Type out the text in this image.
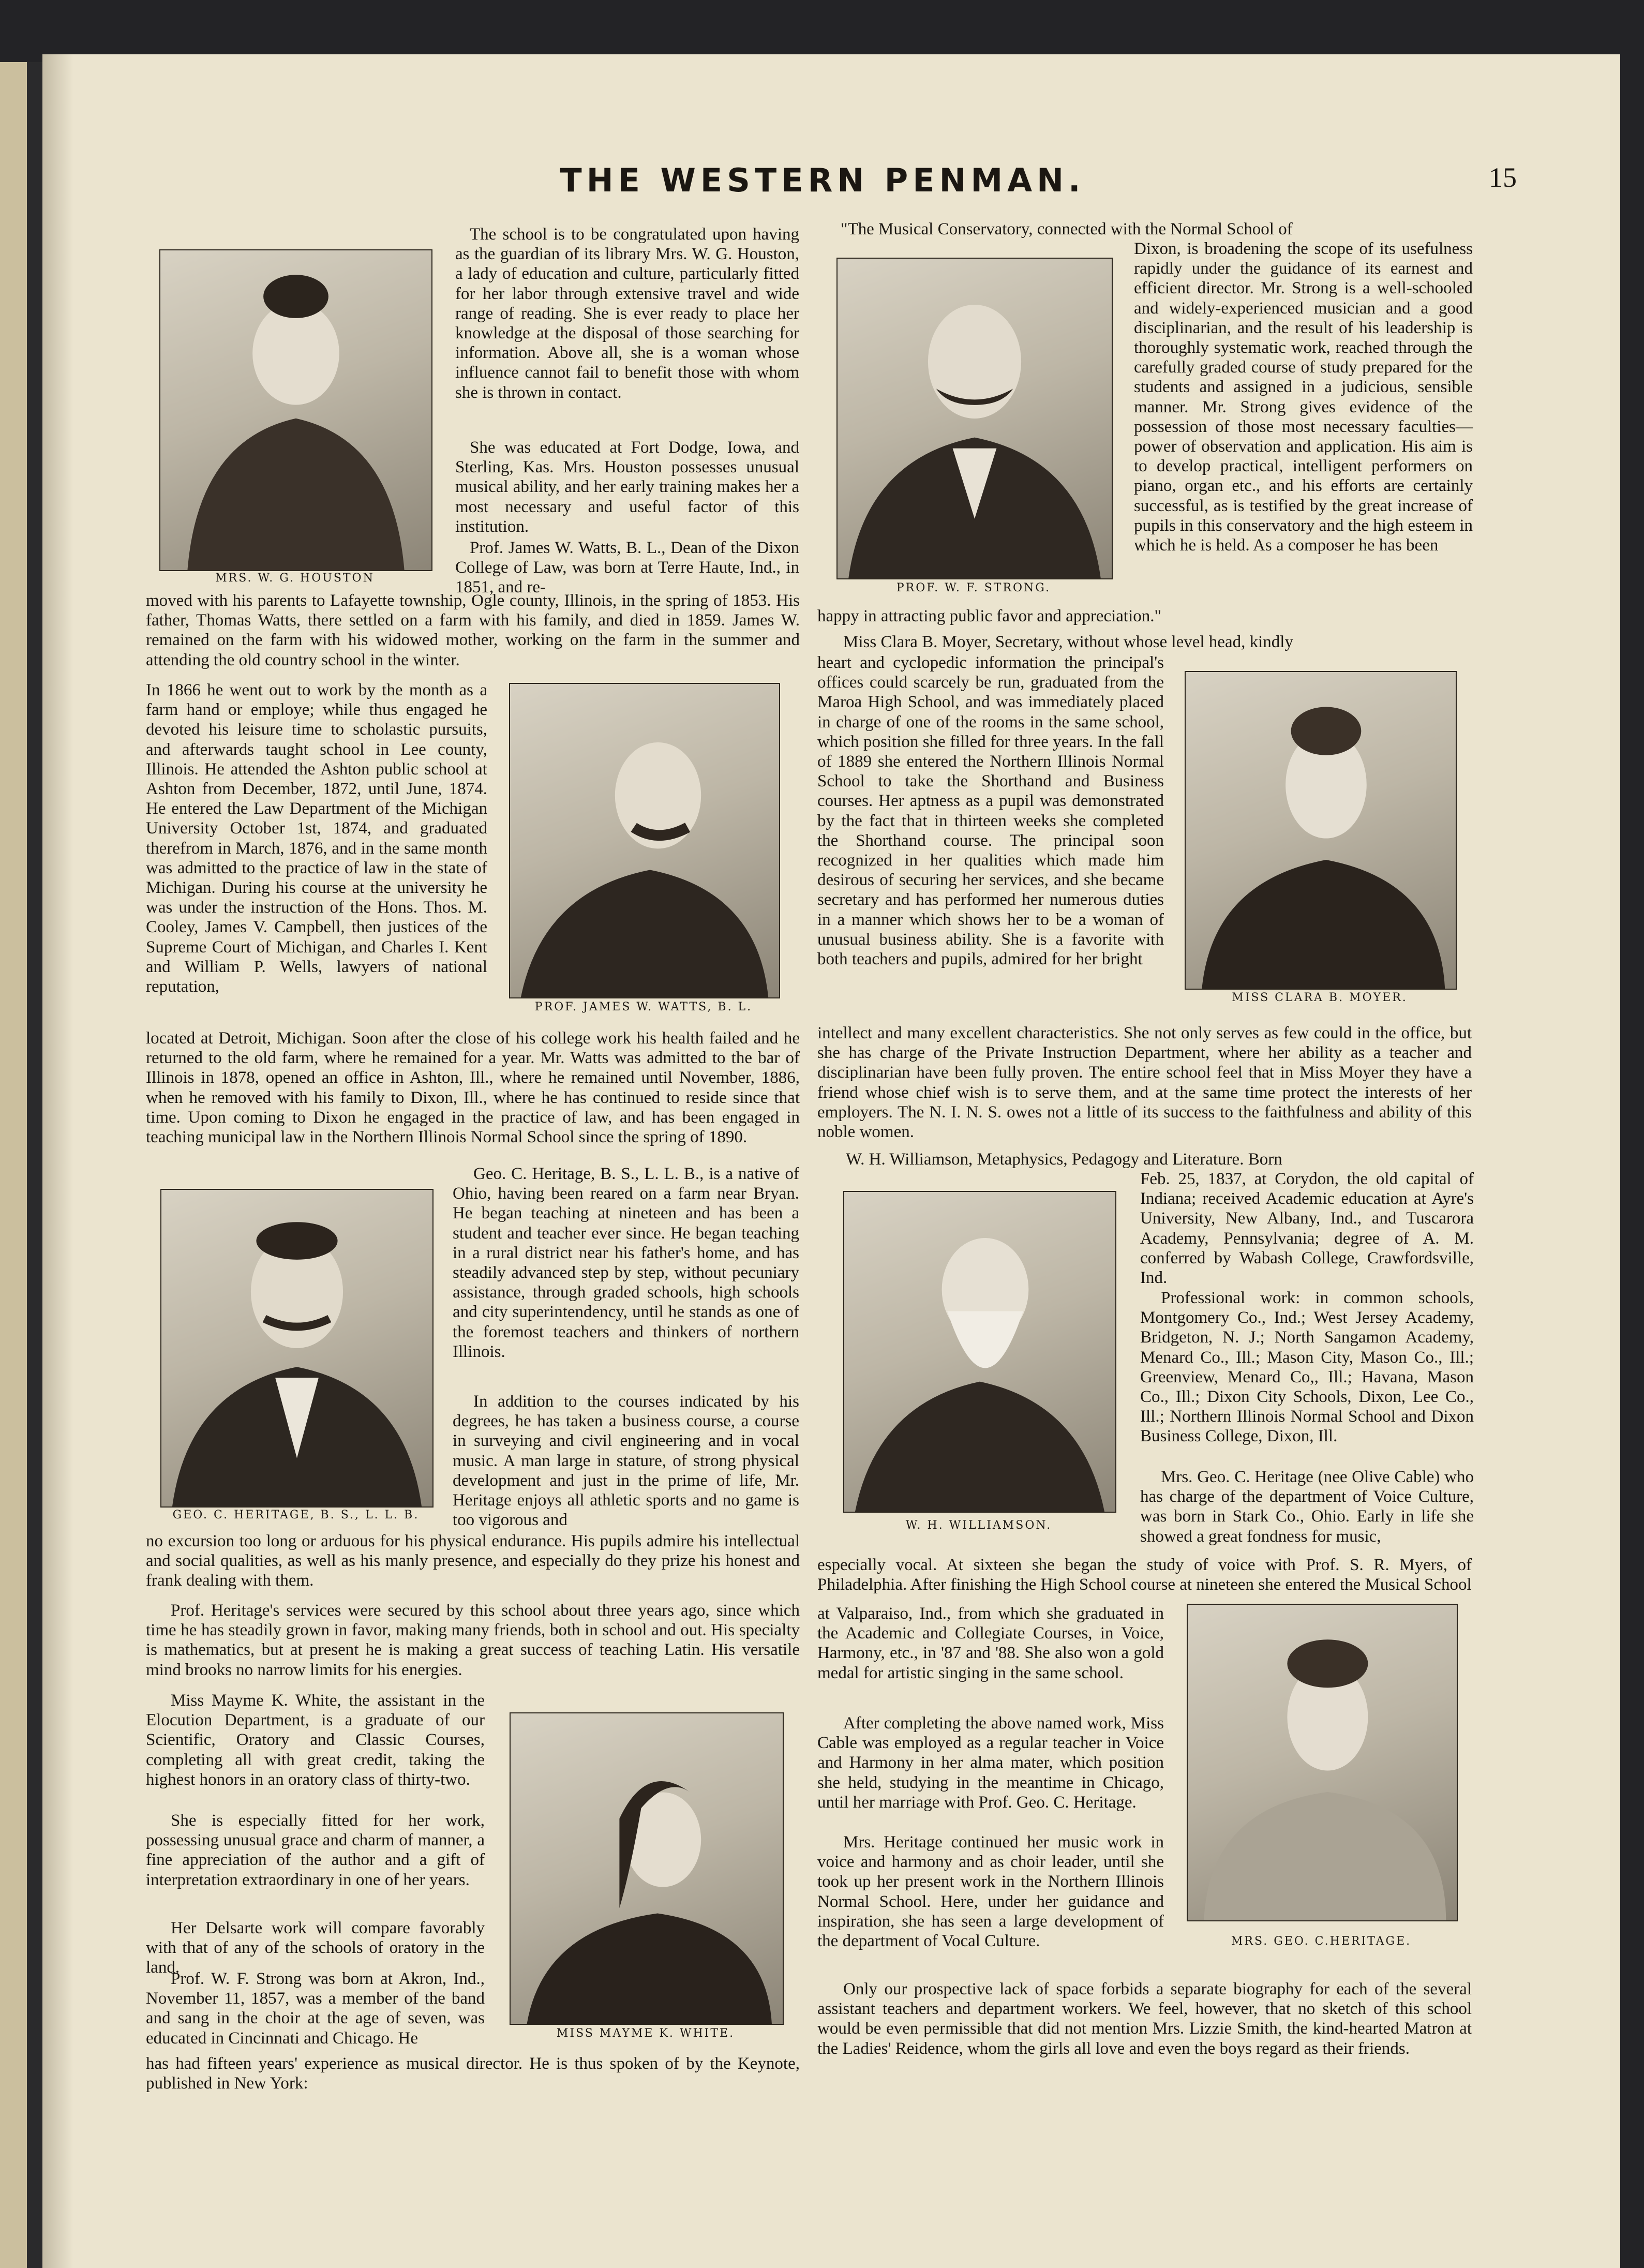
THE WESTERN PENMAN.	15
MRS. W. G. HOUSTON
PROF. W. F. STRONG.
PROF. JAMES W. WATTS, B. L.
MISS CLARA B. MOYER.
GEO. C. HERITAGE, B. S., L. L. B.
W. H. WILLIAMSON.
MISS MAYME K. WHITE.
MRS. GEO. C.HERITAGE.
The school is to be congratulated upon having as the guardian of its library Mrs. W. G. Houston, a lady of education and culture, particularly fitted for her labor through extensive travel and wide range of reading. She is ever ready to place her knowledge at the disposal of those searching for information. Above all, she is a woman whose influence cannot fail to benefit those with whom she is thrown in contact.
She was educated at Fort Dodge, Iowa, and Sterling, Kas. Mrs. Houston possesses unusual musical ability, and her early training makes her a most necessary and useful factor of this institution.
Prof. James W. Watts, B. L., Dean of the Dixon College of Law, was born at Terre Haute, Ind., in 1851, and re-
moved with his parents to Lafayette township, Ogle county, Illinois, in the spring of 1853. His father, Thomas Watts, there settled on a farm with his family, and died in 1859. James W. remained on the farm with his widowed mother, working on the farm in the summer and attending the old country school in the winter.
In 1866 he went out to work by the month as a farm hand or employe; while thus engaged he devoted his leisure time to scholastic pursuits, and afterwards taught school in Lee county, Illinois. He attended the Ashton public school at Ashton from December, 1872, until June, 1874. He entered the Law Department of the Michigan University October 1st, 1874, and graduated therefrom in March, 1876, and in the same month was admitted to the practice of law in the state of Michigan. During his course at the university he was under the instruction of the Hons. Thos. M. Cooley, James V. Campbell, then justices of the Supreme Court of Michigan, and Charles I. Kent and William P. Wells, lawyers of national reputation,
located at Detroit, Michigan. Soon after the close of his college work his health failed and he returned to the old farm, where he remained for a year. Mr. Watts was admitted to the bar of Illinois in 1878, opened an office in Ashton, Ill., where he remained until November, 1886, when he removed with his family to Dixon, Ill., where he has continued to reside since that time. Upon coming to Dixon he engaged in the practice of law, and has been engaged in teaching municipal law in the Northern Illinois Normal School since the spring of 1890.
Geo. C. Heritage, B. S., L. L. B., is a native of Ohio, having been reared on a farm near Bryan. He began teaching at nineteen and has been a student and teacher ever since. He began teaching in a rural district near his father's home, and has steadily advanced step by step, without pecuniary assistance, through graded schools, high schools and city superintendency, until he stands as one of the foremost teachers and thinkers of northern Illinois.
In addition to the courses indicated by his degrees, he has taken a business course, a course in surveying and civil engineering and in vocal music. A man large in stature, of strong physical development and just in the prime of life, Mr. Heritage enjoys all athletic sports and no game is too vigorous and
no excursion too long or arduous for his physical endurance. His pupils admire his intellectual and social qualities, as well as his manly presence, and especially do they prize his honest and frank dealing with them.
Prof. Heritage's services were secured by this school about three years ago, since which time he has steadily grown in favor, making many friends, both in school and out. His specialty is mathematics, but at present he is making a great success of teaching Latin. His versatile mind brooks no narrow limits for his energies.
Miss Mayme K. White, the assistant in the Elocution Department, is a graduate of our Scientific, Oratory and Classic Courses, completing all with great credit, taking the highest honors in an oratory class of thirty-two.
She is especially fitted for her work, possessing unusual grace and charm of manner, a fine appreciation of the author and a gift of interpretation extraordinary in one of her years.
Her Delsarte work will compare favorably with that of any of the schools of oratory in the land.
Prof. W. F. Strong was born at Akron, Ind., November 11, 1857, was a member of the band and sang in the choir at the age of seven, was educated in Cincinnati and Chicago. He
has had fifteen years' experience as musical director. He is thus spoken of by the Keynote, published in New York:
"The Musical Conservatory, connected with the Normal School of
Dixon, is broadening the scope of its usefulness rapidly under the guidance of its earnest and efficient director. Mr. Strong is a well-schooled and widely-experienced musician and a good disciplinarian, and the result of his leadership is thoroughly systematic work, reached through the carefully graded course of study prepared for the students and assigned in a judicious, sensible manner. Mr. Strong gives evidence of the possession of those most necessary faculties—power of observation and application. His aim is to develop practical, intelligent performers on piano, organ etc., and his efforts are certainly successful, as is testified by the great increase of pupils in this conservatory and the high esteem in which he is held. As a composer he has been
happy in attracting public favor and appreciation."
Miss Clara B. Moyer, Secretary, without whose level head, kindly
heart and cyclopedic information the principal's offices could scarcely be run, graduated from the Maroa High School, and was immediately placed in charge of one of the rooms in the same school, which position she filled for three years. In the fall of 1889 she entered the Northern Illinois Normal School to take the Shorthand and Business courses. Her aptness as a pupil was demonstrated by the fact that in thirteen weeks she completed the Shorthand course. The principal soon recognized in her qualities which made him desirous of securing her services, and she became secretary and has performed her numerous duties in a manner which shows her to be a woman of unusual business ability. She is a favorite with both teachers and pupils, admired for her bright
intellect and many excellent characteristics. She not only serves as few could in the office, but she has charge of the Private Instruction Department, where her ability as a teacher and disciplinarian have been fully proven. The entire school feel that in Miss Moyer they have a friend whose chief wish is to serve them, and at the same time protect the interests of her employers. The N. I. N. S. owes not a little of its success to the faithfulness and ability of this noble women.
W. H. Williamson, Metaphysics, Pedagogy and Literature. Born
Feb. 25, 1837, at Corydon, the old capital of Indiana; received Academic education at Ayre's University, New Albany, Ind., and Tuscarora Academy, Pennsylvania; degree of A. M. conferred by Wabash College, Crawfordsville, Ind.
Professional work: in common schools, Montgomery Co., Ind.; West Jersey Academy, Bridgeton, N. J.; North Sangamon Academy, Menard Co., Ill.; Mason City, Mason Co., Ill.; Greenview, Menard Co,, Ill.; Havana, Mason Co., Ill.; Dixon City Schools, Dixon, Lee Co., Ill.; Northern Illinois Normal School and Dixon Business College, Dixon, Ill.
Mrs. Geo. C. Heritage (nee Olive Cable) who has charge of the department of Voice Culture, was born in Stark Co., Ohio. Early in life she showed a great fondness for music,
especially vocal. At sixteen she began the study of voice with Prof. S. R. Myers, of Philadelphia. After finishing the High School course at nineteen she entered the Musical School
at Valparaiso, Ind., from which she graduated in the Academic and Collegiate Courses, in Voice, Harmony, etc., in '87 and '88. She also won a gold medal for artistic singing in the same school.
After completing the above named work, Miss Cable was employed as a regular teacher in Voice and Harmony in her alma mater, which position she held, studying in the meantime in Chicago, until her marriage with Prof. Geo. C. Heritage.
Mrs. Heritage continued her music work in voice and harmony and as choir leader, until she took up her present work in the Northern Illinois Normal School. Here, under her guidance and inspiration, she has seen a large development of the department of Vocal Culture.
Only our prospective lack of space forbids a separate biography for each of the several assistant teachers and department workers. We feel, however, that no sketch of this school would be even permissible that did not mention Mrs. Lizzie Smith, the kind-hearted Matron at the Ladies' Reidence, whom the girls all love and even the boys regard as their friends.
